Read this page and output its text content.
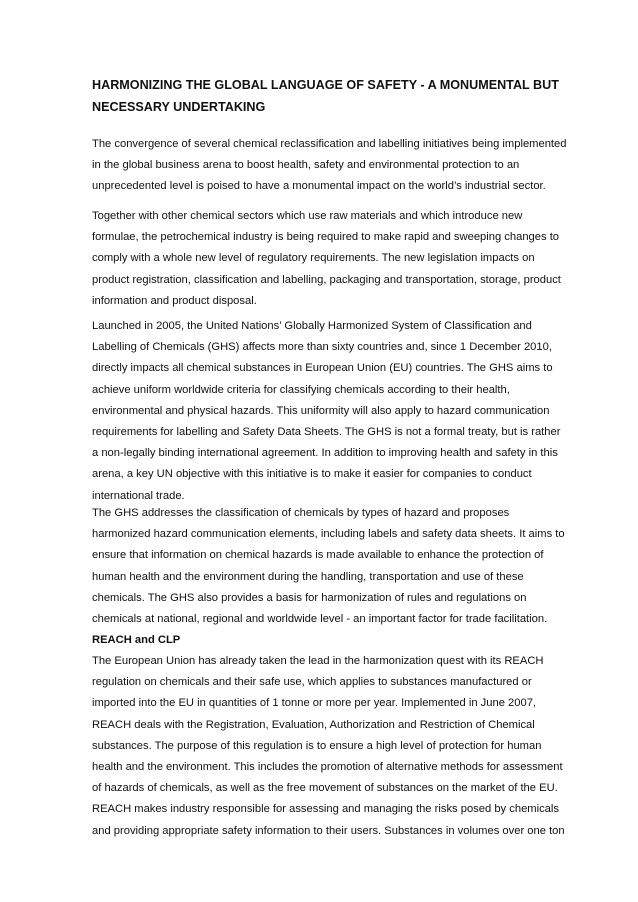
HARMONIZING THE GLOBAL LANGUAGE OF SAFETY - A MONUMENTAL BUT
NECESSARY UNDERTAKING

The convergence of several chemical reclassification and labelling initiatives being implemented
in the global business arena to boost health, safety and environmental protection to an
unprecedented level is poised to have a monumental impact on the world’s industrial sector.

Together with other chemical sectors which use raw materials and which introduce new
formulae, the petrochemical industry is being required to make rapid and sweeping changes to
comply with a whole new level of regulatory requirements. The new legislation impacts on
product registration, classification and labelling, packaging and transportation, storage, product
information and product disposal.

Launched in 2005, the United Nations’ Globally Harmonized System of Classification and
Labelling of Chemicals (GHS) affects more than sixty countries and, since 1 December 2010,
directly impacts all chemical substances in European Union (EU) countries. The GHS aims to
achieve uniform worldwide criteria for classifying chemicals according to their health,
environmental and physical hazards. This uniformity will also apply to hazard communication
requirements for labelling and Safety Data Sheets. The GHS is not a formal treaty, but is rather
a non-legally binding international agreement. In addition to improving health and safety in this
arena, a key UN objective with this initiative is to make it easier for companies to conduct
international trade.

The GHS addresses the classification of chemicals by types of hazard and proposes
harmonized hazard communication elements, including labels and safety data sheets. It aims to
ensure that information on chemical hazards is made available to enhance the protection of
human health and the environment during the handling, transportation and use of these
chemicals. The GHS also provides a basis for harmonization of rules and regulations on
chemicals at national, regional and worldwide level - an important factor for trade facilitation.

REACH and CLP

The European Union has already taken the lead in the harmonization quest with its REACH
regulation on chemicals and their safe use, which applies to substances manufactured or
imported into the EU in quantities of 1 tonne or more per year. Implemented in June 2007,
REACH deals with the Registration, Evaluation, Authorization and Restriction of Chemical
substances. The purpose of this regulation is to ensure a high level of protection for human
health and the environment. This includes the promotion of alternative methods for assessment
of hazards of chemicals, as well as the free movement of substances on the market of the EU.
REACH makes industry responsible for assessing and managing the risks posed by chemicals
and providing appropriate safety information to their users. Substances in volumes over one ton
